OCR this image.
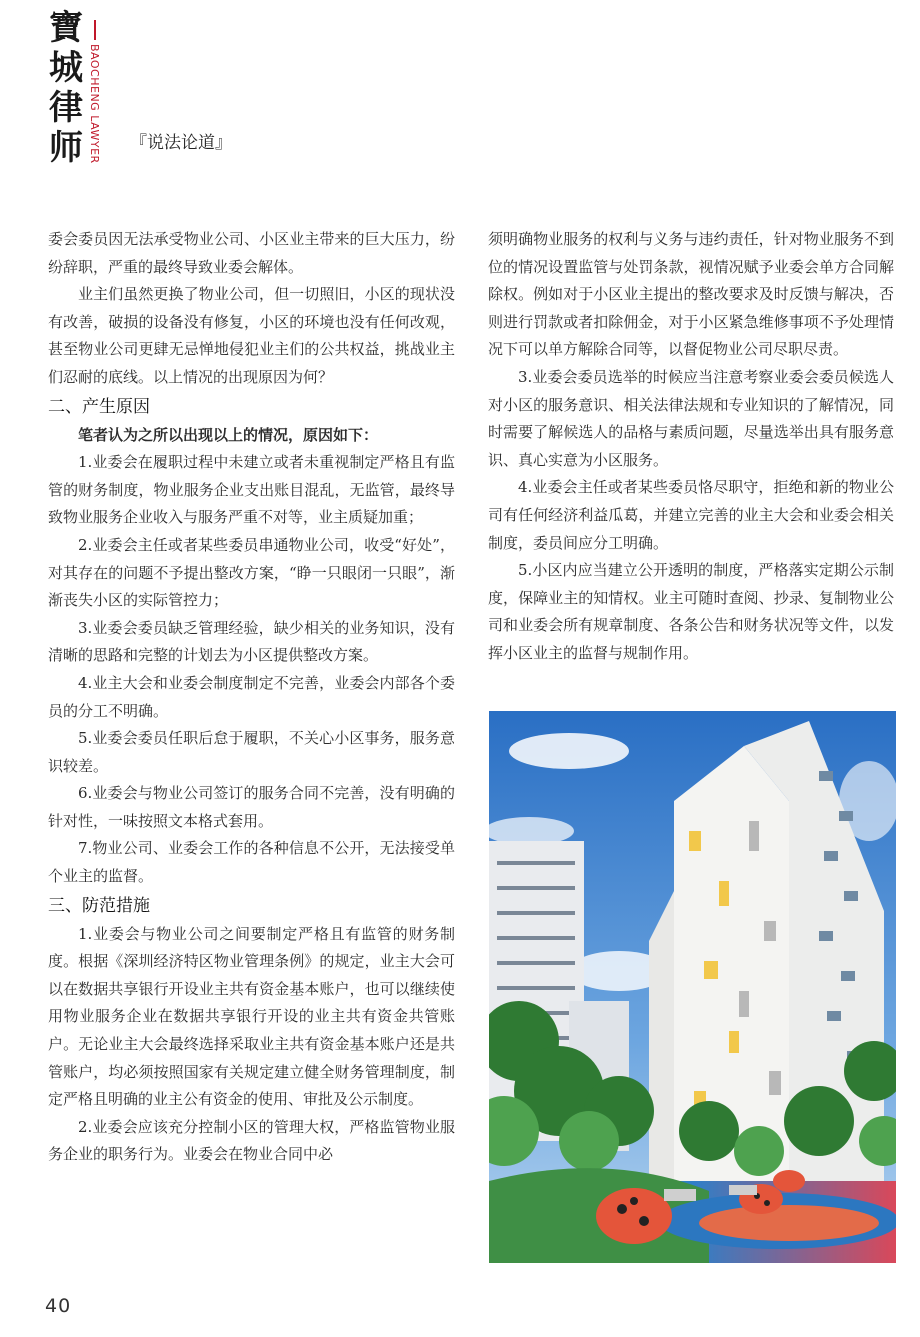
寶
城
律
师 BAOCHENG LAWYER 『说法论道』

委会委员因无法承受物业公司、小区业主带来的巨大压力，纷纷辞职，严重的最终导致业委会解体。

业主们虽然更换了物业公司，但一切照旧，小区的现状没有改善，破损的设备没有修复，小区的环境也没有任何改观，甚至物业公司更肆无忌惮地侵犯业主们的公共权益，挑战业主们忍耐的底线。以上情况的出现原因为何？

二、产生原因

笔者认为之所以出现以上的情况，原因如下：

1.业委会在履职过程中未建立或者未重视制定严格且有监管的财务制度，物业服务企业支出账目混乱，无监管，最终导致物业服务企业收入与服务严重不对等，业主质疑加重；

2.业委会主任或者某些委员串通物业公司，收受“好处”，对其存在的问题不予提出整改方案，“睁一只眼闭一只眼”，渐渐丧失小区的实际管控力；

3.业委会委员缺乏管理经验，缺少相关的业务知识，没有清晰的思路和完整的计划去为小区提供整改方案。

4.业主大会和业委会制度制定不完善，业委会内部各个委员的分工不明确。

5.业委会委员任职后怠于履职，不关心小区事务，服务意识较差。

6.业委会与物业公司签订的服务合同不完善，没有明确的针对性，一味按照文本格式套用。

7.物业公司、业委会工作的各种信息不公开，无法接受单个业主的监督。

三、防范措施

1.业委会与物业公司之间要制定严格且有监管的财务制度。根据《深圳经济特区物业管理条例》的规定，业主大会可以在数据共享银行开设业主共有资金基本账户，也可以继续使用物业服务企业在数据共享银行开设的业主共有资金共管账户。无论业主大会最终选择采取业主共有资金基本账户还是共管账户，均必须按照国家有关规定建立健全财务管理制度，制定严格且明确的业主公有资金的使用、审批及公示制度。

2.业委会应该充分控制小区的管理大权，严格监管物业服务企业的职务行为。业委会在物业合同中必

须明确物业服务的权利与义务与违约责任，针对物业服务不到位的情况设置监管与处罚条款，视情况赋予业委会单方合同解除权。例如对于小区业主提出的整改要求及时反馈与解决，否则进行罚款或者扣除佣金，对于小区紧急维修事项不予处理情况下可以单方解除合同等，以督促物业公司尽职尽责。

3.业委会委员选举的时候应当注意考察业委会委员候选人对小区的服务意识、相关法律法规和专业知识的了解情况，同时需要了解候选人的品格与素质问题，尽量选举出具有服务意识、真心实意为小区服务。

4.业委会主任或者某些委员恪尽职守，拒绝和新的物业公司有任何经济利益瓜葛，并建立完善的业主大会和业委会相关制度，委员间应分工明确。

5.小区内应当建立公开透明的制度，严格落实定期公示制度，保障业主的知情权。业主可随时查阅、抄录、复制物业公司和业委会所有规章制度、各条公告和财务状况等文件，以发挥小区业主的监督与规制作用。

40
